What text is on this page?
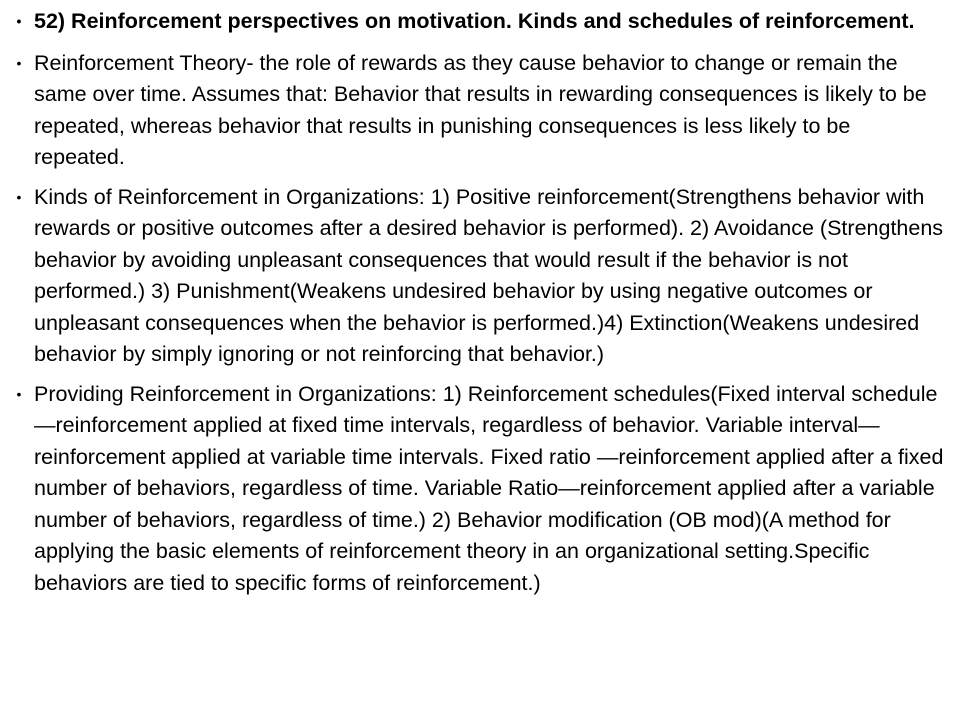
• 52) Reinforcement perspectives on motivation. Kinds and schedules of reinforcement.
• Reinforcement Theory- the role of rewards as they cause behavior to change or remain the same over time. Assumes that: Behavior that results in rewarding consequences is likely to be repeated, whereas behavior that results in punishing consequences is less likely to be repeated.
• Kinds of Reinforcement in Organizations: 1) Positive reinforcement(Strengthens behavior with rewards or positive outcomes after a desired behavior is performed). 2) Avoidance (Strengthens behavior by avoiding unpleasant consequences that would result if the behavior is not performed.) 3) Punishment(Weakens undesired behavior by using negative outcomes or unpleasant consequences when the behavior is performed.)4) Extinction(Weakens undesired behavior by simply ignoring or not reinforcing that behavior.)
• Providing Reinforcement in Organizations: 1) Reinforcement schedules(Fixed interval schedule—reinforcement applied at fixed time intervals, regardless of behavior. Variable interval—reinforcement applied at variable time intervals. Fixed ratio —reinforcement applied after a fixed number of behaviors, regardless of time. Variable Ratio—reinforcement applied after a variable number of behaviors, regardless of time.) 2) Behavior modification (OB mod)(A method for applying the basic elements of reinforcement theory in an organizational setting.Specific behaviors are tied to specific forms of reinforcement.)
